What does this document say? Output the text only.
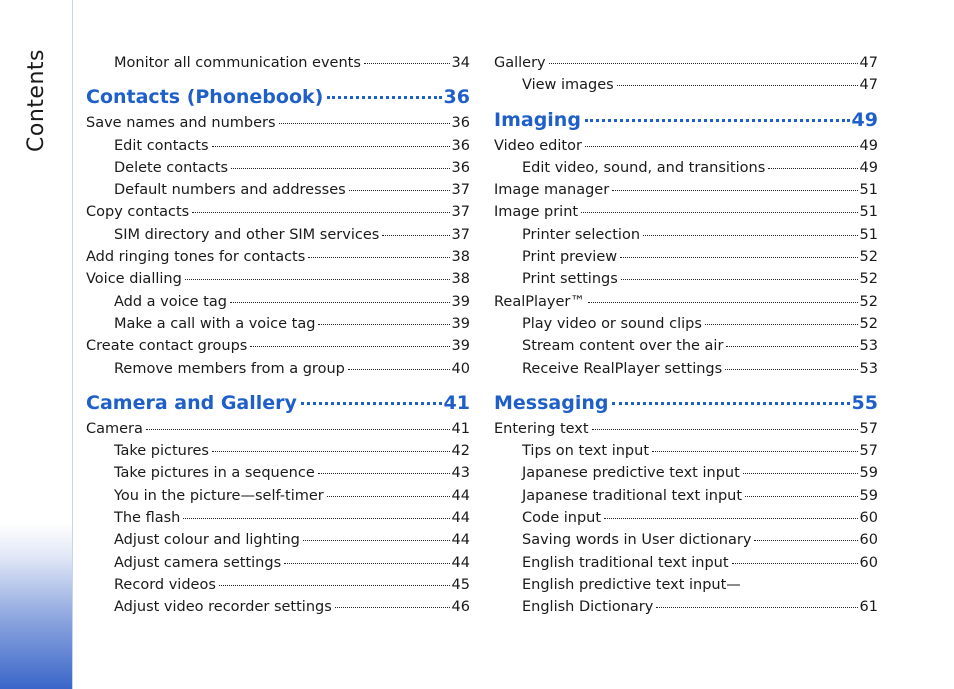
Contents	Monitor all communication events	34
Contacts (Phonebook)	36
Save names and numbers	36
Edit contacts	36
Delete contacts	36
Default numbers and addresses	37
Copy contacts	37
SIM directory and other SIM services	37
Add ringing tones for contacts	38
Voice dialling	38
Add a voice tag	39
Make a call with a voice tag	39
Create contact groups	39
Remove members from a group	40
Camera and Gallery	41
Camera	41
Take pictures	42
Take pictures in a sequence	43
You in the picture—self-timer	44
The flash	44
Adjust colour and lighting	44
Adjust camera settings	44
Record videos	45
Adjust video recorder settings	46
Gallery	47
View images	47
Imaging	49
Video editor	49
Edit video, sound, and transitions	49
Image manager	51
Image print	51
Printer selection	51
Print preview	52
Print settings	52
RealPlayer™	52
Play video or sound clips	52
Stream content over the air	53
Receive RealPlayer settings	53
Messaging	55
Entering text	57
Tips on text input	57
Japanese predictive text input	59
Japanese traditional text input	59
Code input	60
Saving words in User dictionary	60
English traditional text input	60
English predictive text input—
English Dictionary	61
